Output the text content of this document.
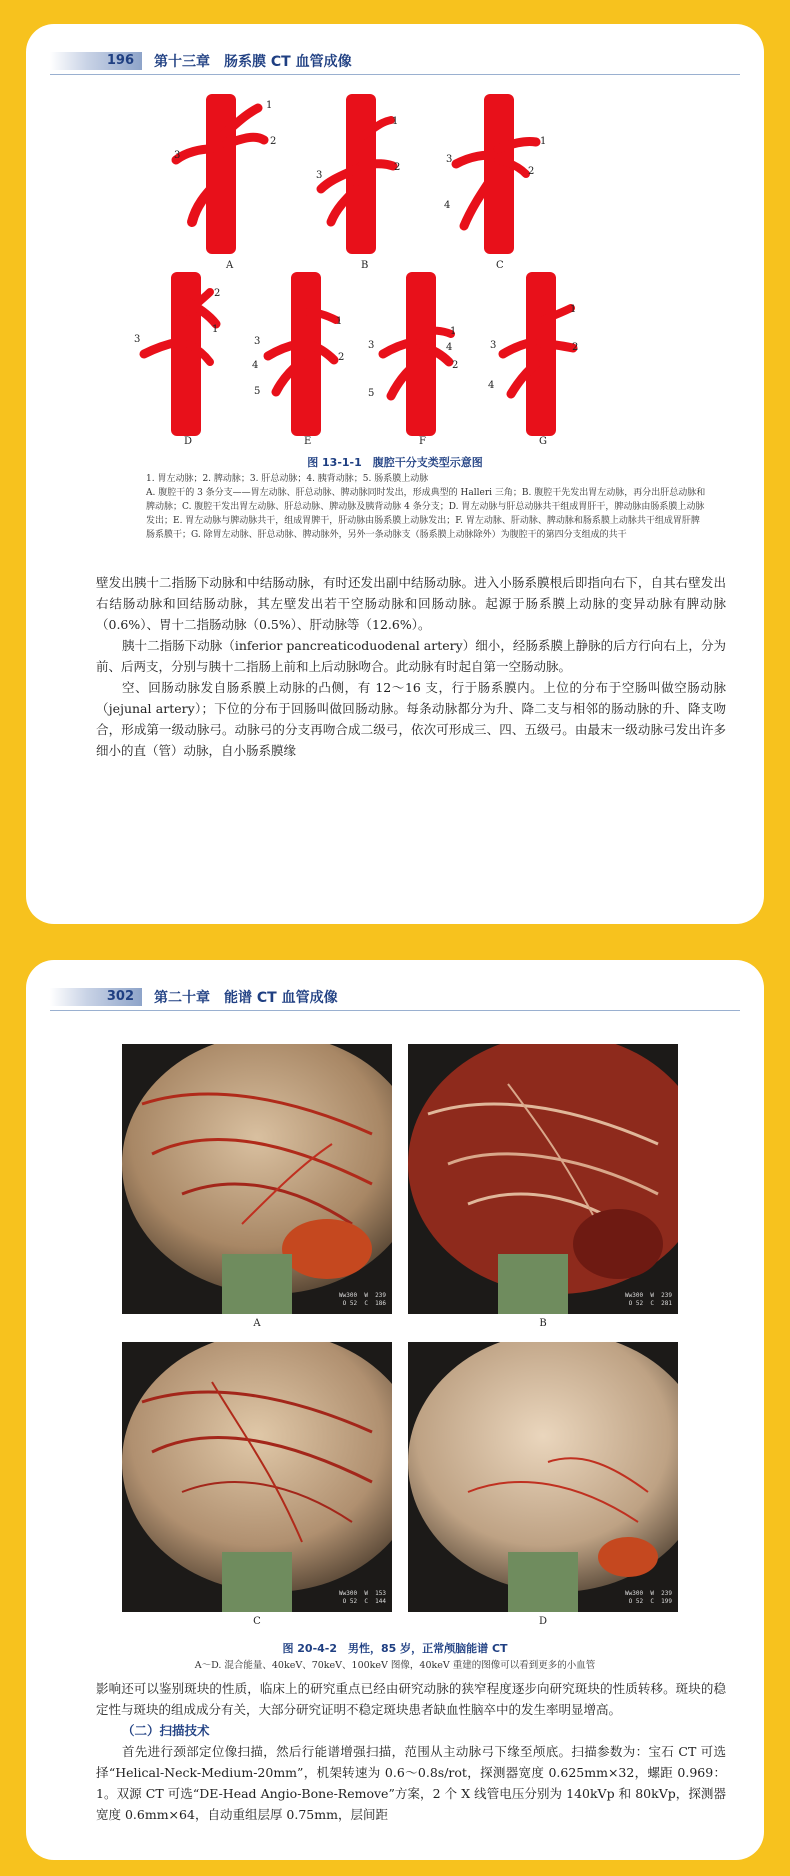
196	第十三章　肠系膜 CT 血管成像
1
2
3
1
2
3
1
2
3
4
A	B	C
1
2
3
1
2
3
4
5
1
2
3	4
5
1
2
3
4
D	E	F	G
图 13-1-1　腹腔干分支类型示意图
1. 胃左动脉；2. 脾动脉；3. 肝总动脉；4. 胰背动脉；5. 肠系膜上动脉
A. 腹腔干的 3 条分支——胃左动脉、肝总动脉、脾动脉同时发出，形成典型的 Halleri 三角；B. 腹腔干先发出胃左动脉，再分出肝总动脉和脾动脉；C. 腹腔干发出胃左动脉、肝总动脉、脾动脉及胰背动脉 4 条分支；D. 胃左动脉与肝总动脉共干组成胃肝干，脾动脉由肠系膜上动脉发出；E. 胃左动脉与脾动脉共干，组成胃脾干，肝动脉由肠系膜上动脉发出；F. 胃左动脉、肝动脉、脾动脉和肠系膜上动脉共干组成胃肝脾肠系膜干；G. 除胃左动脉、肝总动脉、脾动脉外，另外一条动脉支（肠系膜上动脉除外）为腹腔干的第四分支组成的共干

壁发出胰十二指肠下动脉和中结肠动脉，有时还发出副中结肠动脉。进入小肠系膜根后即指向右下，自其右壁发出右结肠动脉和回结肠动脉，其左壁发出若干空肠动脉和回肠动脉。起源于肠系膜上动脉的变异动脉有脾动脉（0.6%）、胃十二指肠动脉（0.5%）、肝动脉等（12.6%）。

胰十二指肠下动脉（inferior pancreaticoduodenal artery）细小，经肠系膜上静脉的后方行向右上，分为前、后两支，分别与胰十二指肠上前和上后动脉吻合。此动脉有时起自第一空肠动脉。

空、回肠动脉发自肠系膜上动脉的凸侧，有 12～16 支，行于肠系膜内。上位的分布于空肠叫做空肠动脉（jejunal artery）；下位的分布于回肠叫做回肠动脉。每条动脉都分为升、降二支与相邻的肠动脉的升、降支吻合，形成第一级动脉弓。动脉弓的分支再吻合成二级弓，依次可形成三、四、五级弓。由最末一级动脉弓发出许多细小的直（管）动脉，自小肠系膜缘

302	第二十章　能谱 CT 血管成像
Ww300  W  239
O 52  C  186
Ww300  W  239
O 52  C  281
A	B
Ww300  W  153
O 52  C  144
Ww300  W  239
O 52  C  199
C	D
图 20-4-2　男性，85 岁，正常颅脑能谱 CT
A～D. 混合能量、40keV、70keV、100keV 图像，40keV 重建的图像可以看到更多的小血管

影响还可以鉴别斑块的性质，临床上的研究重点已经由研究动脉的狭窄程度逐步向研究斑块的性质转移。斑块的稳定性与斑块的组成成分有关，大部分研究证明不稳定斑块患者缺血性脑卒中的发生率明显增高。

（二）扫描技术

首先进行颈部定位像扫描，然后行能谱增强扫描，范围从主动脉弓下缘至颅底。扫描参数为：宝石 CT 可选择“Helical-Neck-Medium-20mm”，机架转速为 0.6～0.8s/rot，探测器宽度 0.625mm×32，螺距 0.969：1。双源 CT 可选“DE-Head Angio-Bone-Remove”方案，2 个 X 线管电压分别为 140kVp 和 80kVp，探测器宽度 0.6mm×64，自动重组层厚 0.75mm，层间距
